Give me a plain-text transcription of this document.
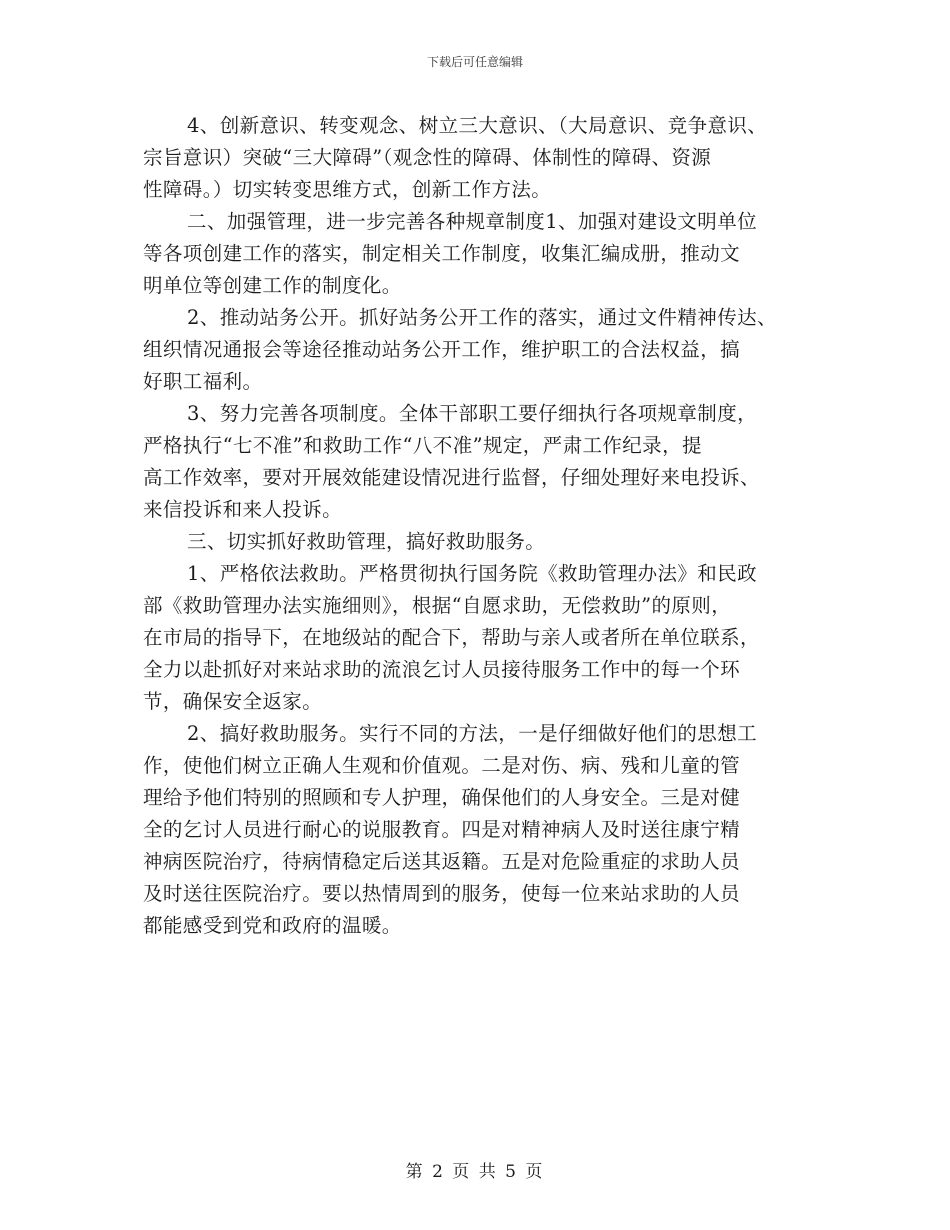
下载后可任意编辑
4、创新意识、转变观念、树立三大意识、（大局意识、竞争意识、
宗旨意识）突破“三大障碍”（观念性的障碍、体制性的障碍、资源
性障碍。）切实转变思维方式，创新工作方法。
二、加强管理，进一步完善各种规章制度1、加强对建设文明单位
等各项创建工作的落实，制定相关工作制度，收集汇编成册，推动文
明单位等创建工作的制度化。
2、推动站务公开。抓好站务公开工作的落实，通过文件精神传达、
组织情况通报会等途径推动站务公开工作，维护职工的合法权益，搞
好职工福利。
3、努力完善各项制度。全体干部职工要仔细执行各项规章制度，
严格执行“七不准”和救助工作“八不准”规定，严肃工作纪录，提
高工作效率，要对开展效能建设情况进行监督，仔细处理好来电投诉、
来信投诉和来人投诉。
三、切实抓好救助管理，搞好救助服务。
1、严格依法救助。严格贯彻执行国务院《救助管理办法》和民政
部《救助管理办法实施细则》，根据“自愿求助，无偿救助”的原则，
在市局的指导下，在地级站的配合下，帮助与亲人或者所在单位联系，
全力以赴抓好对来站求助的流浪乞讨人员接待服务工作中的每一个环
节，确保安全返家。
2、搞好救助服务。实行不同的方法，一是仔细做好他们的思想工
作，使他们树立正确人生观和价值观。二是对伤、病、残和儿童的管
理给予他们特别的照顾和专人护理，确保他们的人身安全。三是对健
全的乞讨人员进行耐心的说服教育。四是对精神病人及时送往康宁精
神病医院治疗，待病情稳定后送其返籍。五是对危险重症的求助人员
及时送往医院治疗。要以热情周到的服务，使每一位来站求助的人员
都能感受到党和政府的温暖。
第 2 页 共 5 页
